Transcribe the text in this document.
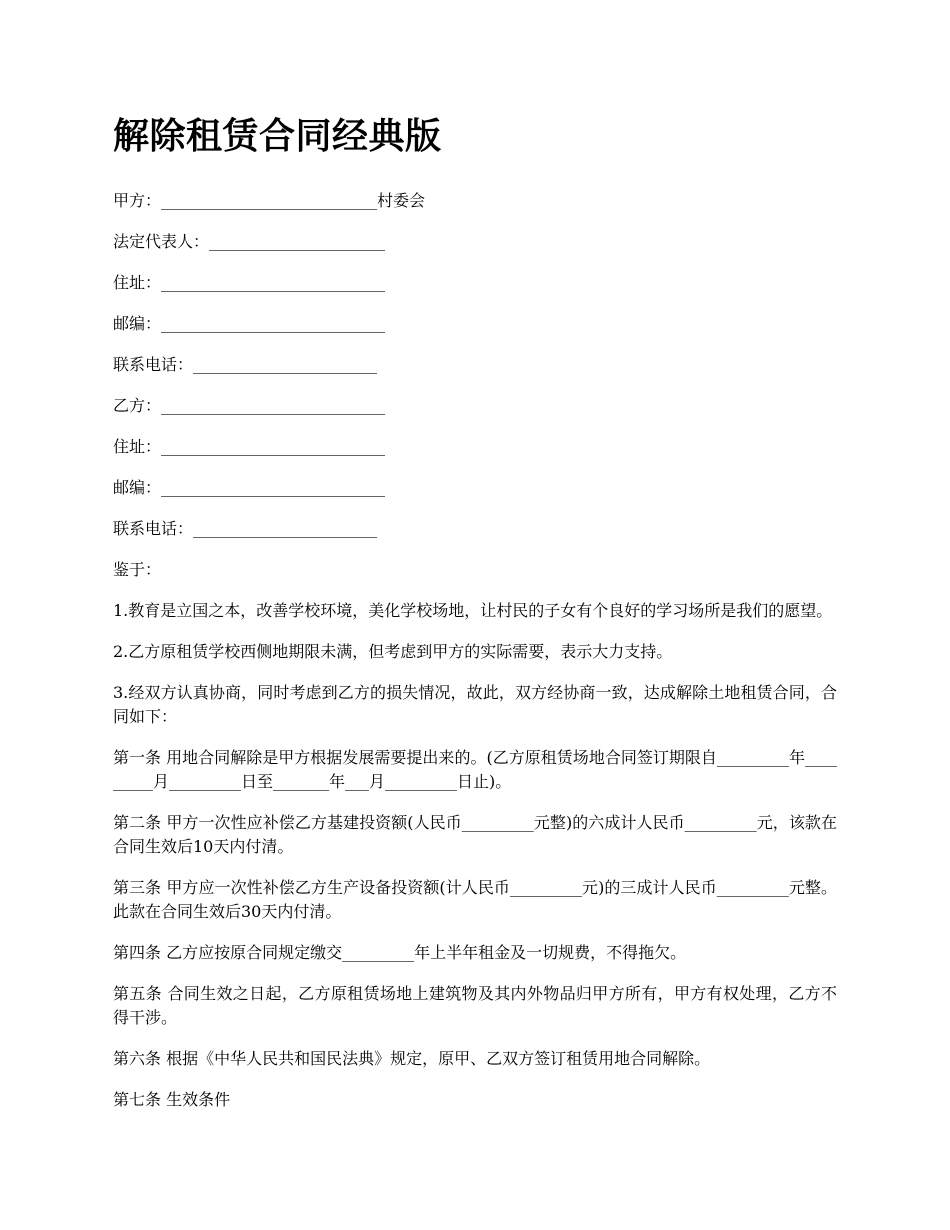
解除租赁合同经典版

甲方：___________________________村委会

法定代表人：______________________

住址：____________________________

邮编：____________________________

联系电话：_______________________

乙方：____________________________

住址：____________________________

邮编：____________________________

联系电话：_______________________

鉴于：

1.教育是立国之本，改善学校环境，美化学校场地，让村民的子女有个良好的学习场所是我们的愿望。

2.乙方原租赁学校西侧地期限未满，但考虑到甲方的实际需要，表示大力支持。

3.经双方认真协商，同时考虑到乙方的损失情况，故此，双方经协商一致，达成解除土地租赁合同，合同如下：

第一条 用地合同解除是甲方根据发展需要提出来的。(乙方原租赁场地合同签订期限自_________年_________月_________日至_______年___月_________日止)。

第二条 甲方一次性应补偿乙方基建投资额(人民币_________元整)的六成计人民币_________元，该款在合同生效后10天内付清。

第三条 甲方应一次性补偿乙方生产设备投资额(计人民币_________元)的三成计人民币_________元整。此款在合同生效后30天内付清。

第四条 乙方应按原合同规定缴交_________年上半年租金及一切规费，不得拖欠。

第五条 合同生效之日起，乙方原租赁场地上建筑物及其内外物品归甲方所有，甲方有权处理，乙方不得干涉。

第六条 根据《中华人民共和国民法典》规定，原甲、乙双方签订租赁用地合同解除。

第七条 生效条件
